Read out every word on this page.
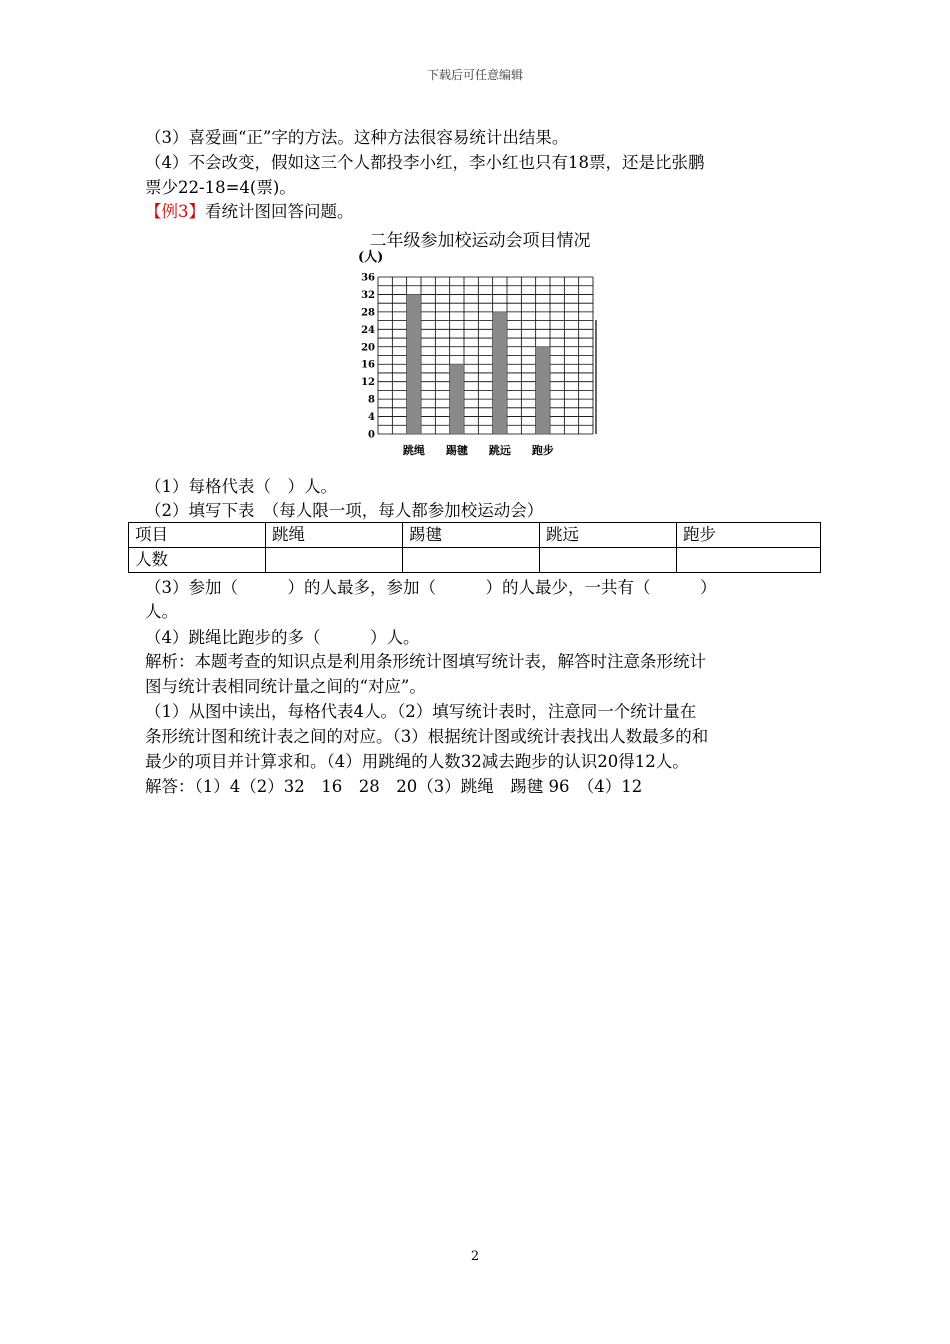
下载后可任意编辑
（3）喜爱画“正”字的方法。这种方法很容易统计出结果。
（4）不会改变，假如这三个人都投李小红，李小红也只有18票，还是比张鹏
票少22-18=4(票)。
【例3】看统计图回答问题。
二年级参加校运动会项目情况
0
4
8
12
16
20
24
28
32
36
(人)
跳绳 踢毽 跳远 跑步
（1）每格代表（　）人。
（2）填写下表　（每人限一项，每人都参加校运动会）
项目	跳绳	踢毽	跳远	跑步
人数				
（3）参加（　　　）的人最多，参加（　　　）的人最少，一共有（　　　）
人。
（4）跳绳比跑步的多（　　　）人。
解析：本题考查的知识点是利用条形统计图填写统计表，解答时注意条形统计
图与统计表相同统计量之间的“对应”。
（1）从图中读出，每格代表4人。（2）填写统计表时，注意同一个统计量在
条形统计图和统计表之间的对应。（3）根据统计图或统计表找出人数最多的和
最少的项目并计算求和。（4）用跳绳的人数32减去跑步的认识20得12人。
解答：（1）4（2）32　16　28　20（3）跳绳　踢毽 96　（4）12
2
